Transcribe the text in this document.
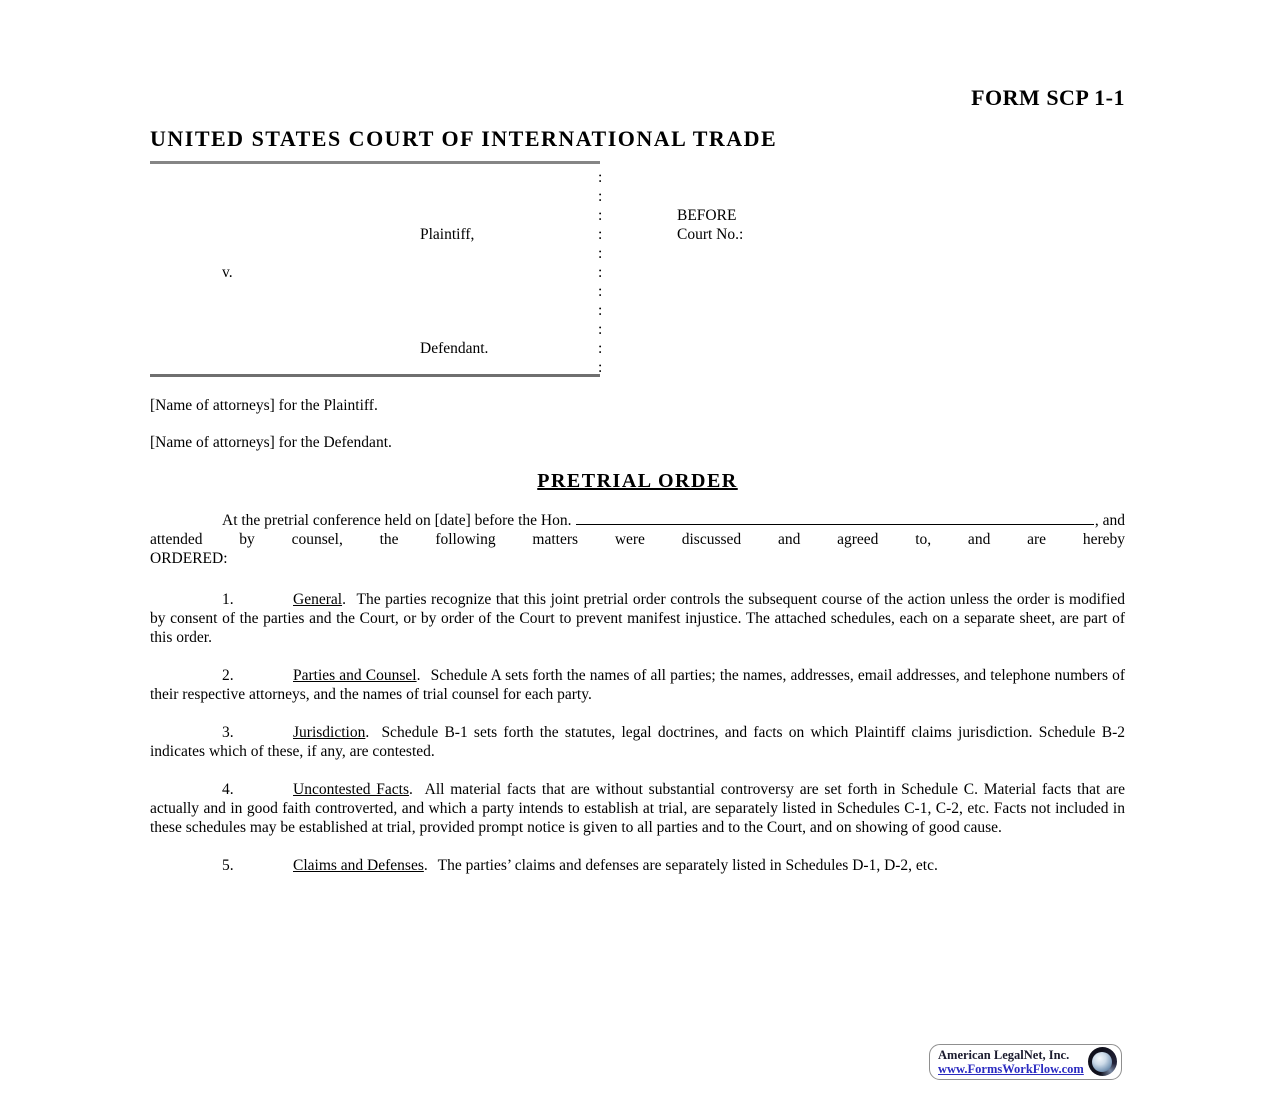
FORM SCP 1-1
UNITED STATES COURT OF INTERNATIONAL TRADE
:
:
:
:
:
:
:
:
:
:
:
Plaintiff,
v.
Defendant.
BEFORE
Court No.:
[Name of attorneys] for the Plaintiff.
[Name of attorneys] for the Defendant.
PRETRIAL ORDER
At the pretrial conference held on [date] before the Hon.	, and
attended by counsel, the following matters were discussed and agreed to, and are hereby
ORDERED:

1.	General. The parties recognize that this joint pretrial order controls the subsequent course of the action unless the order is modified by consent of the parties and the Court, or by order of the Court to prevent manifest injustice. The attached schedules, each on a separate sheet, are part of this order.

2.	Parties and Counsel. Schedule A sets forth the names of all parties; the names, addresses, email addresses, and telephone numbers of their respective attorneys, and the names of trial counsel for each party.

3.	Jurisdiction. Schedule B-1 sets forth the statutes, legal doctrines, and facts on which Plaintiff claims jurisdiction. Schedule B-2 indicates which of these, if any, are contested.

4.	Uncontested Facts. All material facts that are without substantial controversy are set forth in Schedule C. Material facts that are actually and in good faith controverted, and which a party intends to establish at trial, are separately listed in Schedules C-1, C-2, etc. Facts not included in these schedules may be established at trial, provided prompt notice is given to all parties and to the Court, and on showing of good cause.

5.	Claims and Defenses. The parties’ claims and defenses are separately listed in Schedules D-1, D-2, etc.

American LegalNet, Inc.
www.FormsWorkFlow.com
